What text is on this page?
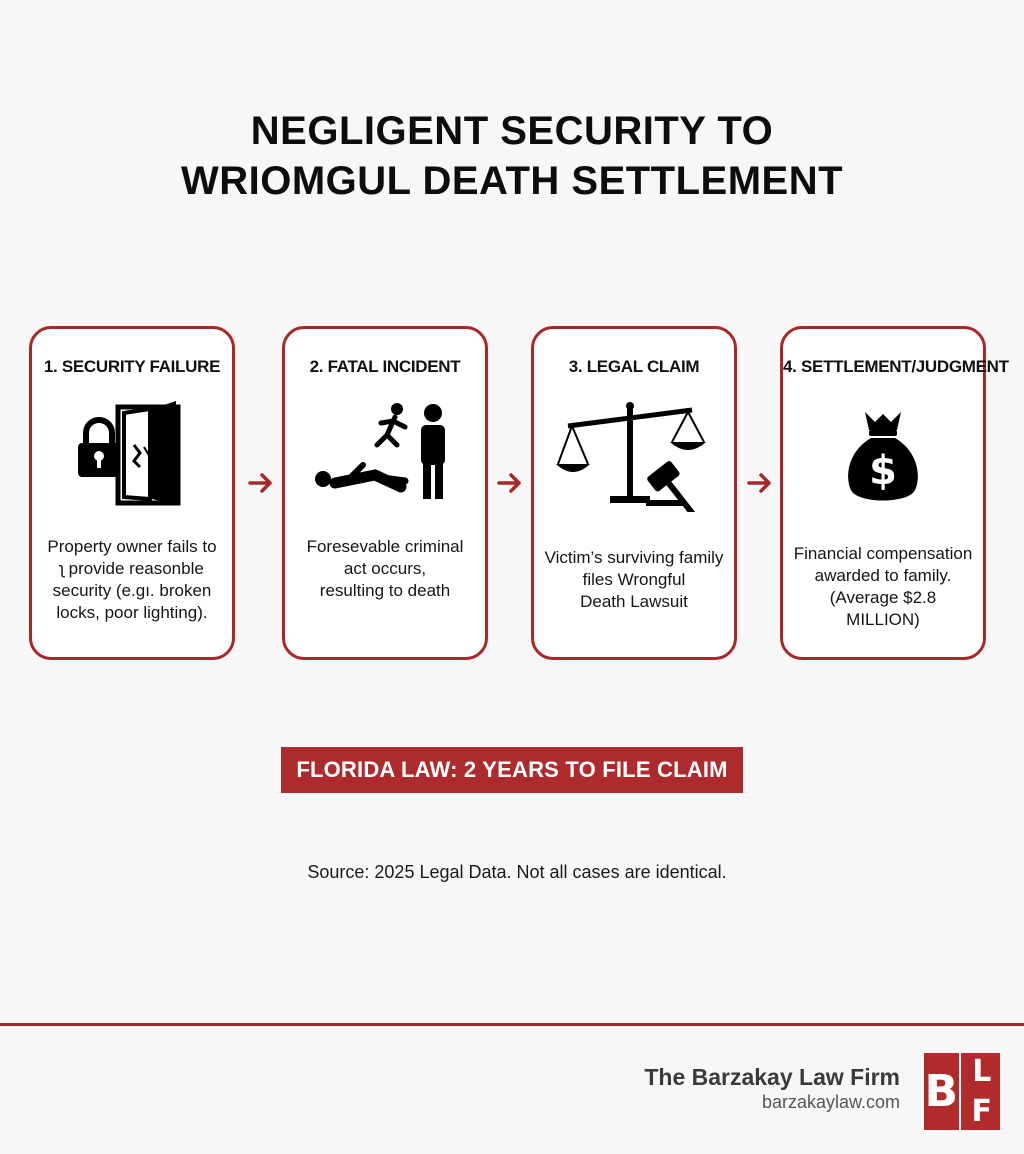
NEGLIGENT SECURITY TO
WRIOMGUL DEATH SETTLEMENT
1. SECURITY FAILURE
Property owner fails to
ʅ provide reasonble
security (e.gı. broken
locks, poor lighting).
2. FATAL INCIDENT
Foresevable criminal
act occurs,
resulting to death
3. LEGAL CLAIM
Victim’s surviving family
files Wrongful
Death Lawsuit
4. SETTLEMENT/JUDGMENT
$
Financial compensation
awarded to family.
(Average $2.8 MILLION)
FLORIDA LAW: 2 YEARS TO FILE CLAIM
Source: 2025 Legal Data. Not all cases are identical.
The Barzakay Law Firm
barzakaylaw.com B L
F
